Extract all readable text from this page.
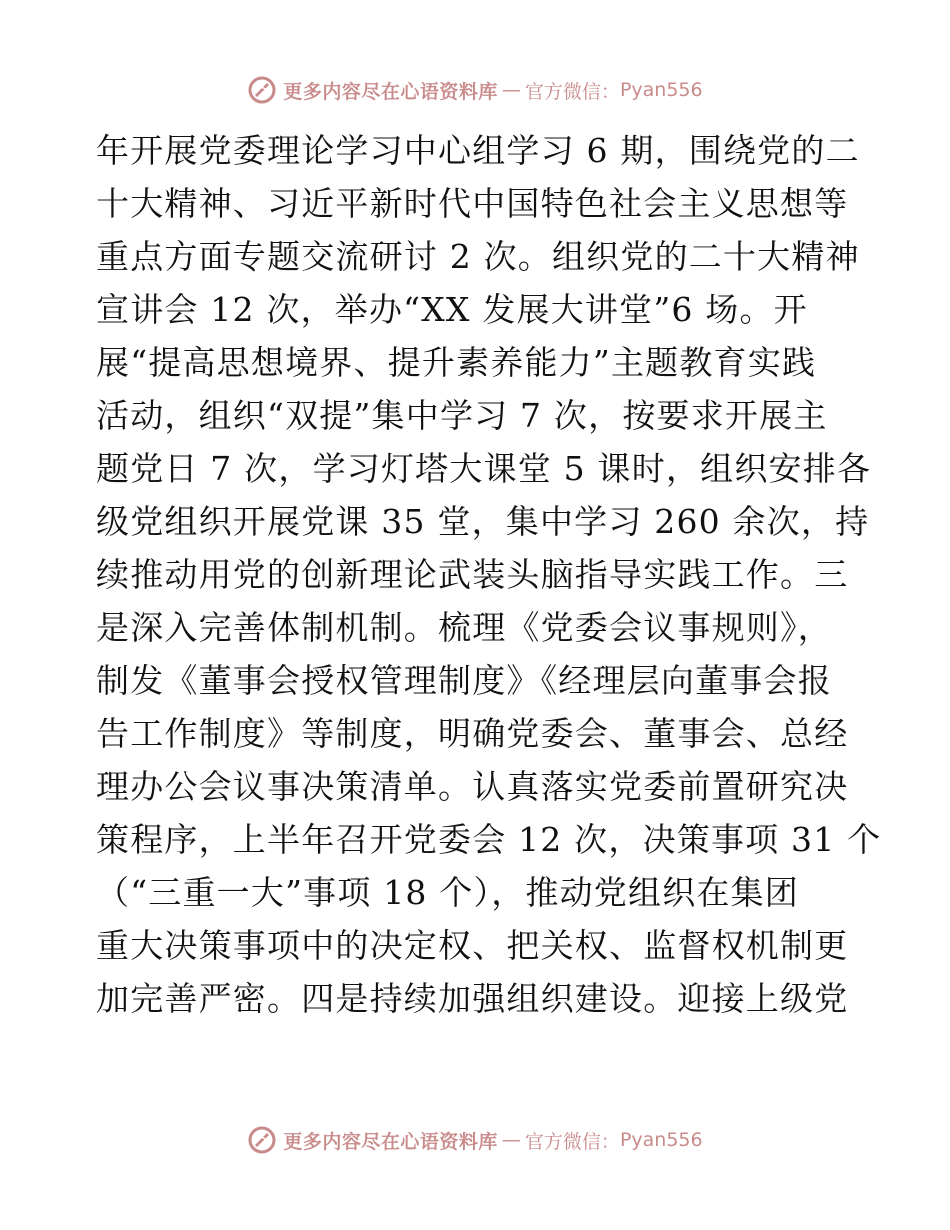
更多内容尽在心语资料库 — 官方微信： Pyan556
年开展党委理论学习中心组学习 6 期，围绕党的二
十大精神、习近平新时代中国特色社会主义思想等
重点方面专题交流研讨 2 次。组织党的二十大精神
宣讲会 12 次，举办“XX 发展大讲堂”6 场。开
展“提高思想境界、提升素养能力”主题教育实践
活动，组织“双提”集中学习 7 次，按要求开展主
题党日 7 次，学习灯塔大课堂 5 课时，组织安排各
级党组织开展党课 35 堂，集中学习 260 余次，持
续推动用党的创新理论武装头脑指导实践工作。三
是深入完善体制机制。梳理《党委会议事规则》，
制发《董事会授权管理制度》《经理层向董事会报
告工作制度》等制度，明确党委会、董事会、总经
理办公会议事决策清单。认真落实党委前置研究决
策程序，上半年召开党委会 12 次，决策事项 31 个
（“三重一大”事项 18 个），推动党组织在集团
重大决策事项中的决定权、把关权、监督权机制更
加完善严密。四是持续加强组织建设。迎接上级党
更多内容尽在心语资料库 — 官方微信： Pyan556
